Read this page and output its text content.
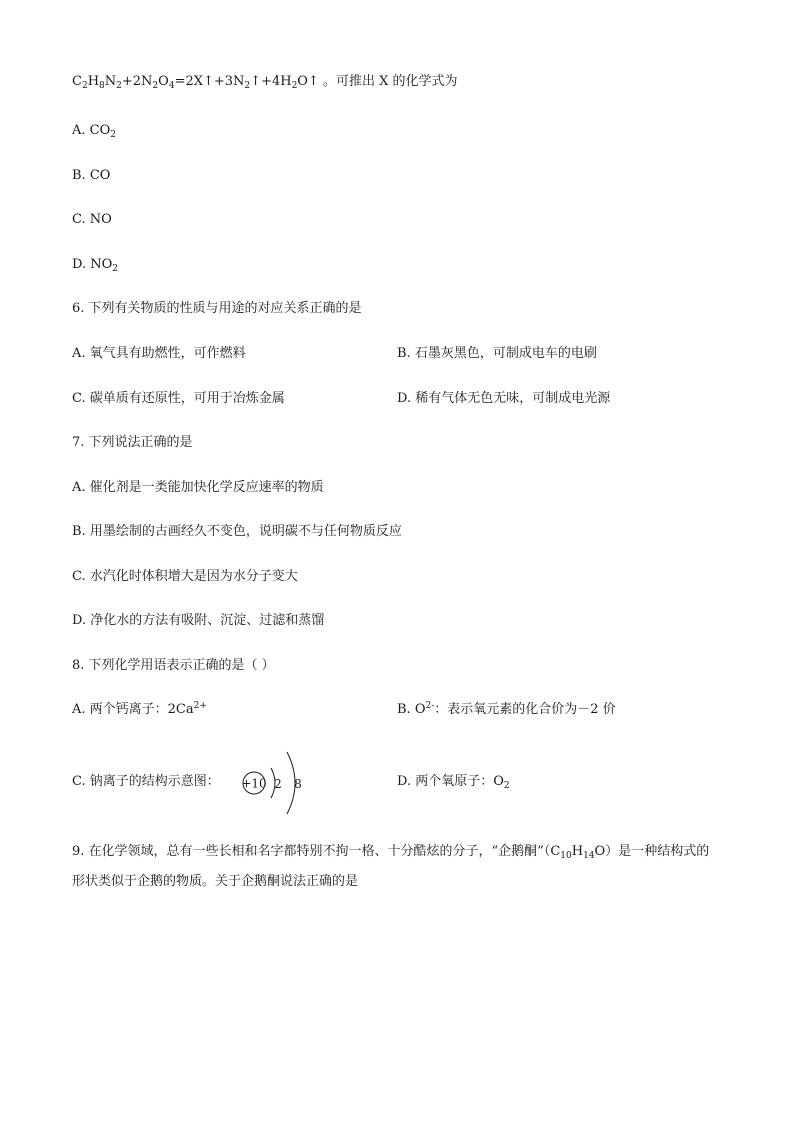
$C_2H_8N_2+2N_2O_4=2X↑+3N_2↑+4H_2O↑$ 。可推出 X 的化学式为
A. $CO_2$
B. CO
C. NO
D. $NO_2$
6. 下列有关物质的性质与用途的对应关系正确的是
A. 氧气具有助燃性，可作燃料	B. 石墨灰黑色，可制成电车的电刷
C. 碳单质有还原性，可用于冶炼金属	D. 稀有气体无色无味，可制成电光源
7. 下列说法正确的是
A. 催化剂是一类能加快化学反应速率的物质
B. 用墨绘制的古画经久不变色，说明碳不与任何物质反应
C. 水汽化时体积增大是因为水分子变大
D. 净化水的方法有吸附、沉淀、过滤和蒸馏
8. 下列化学用语表示正确的是（ ）
A. 两个钙离子：$2Ca^{2+}$	B. $O^{2-}$：表示氧元素的化合价为－2 价
C. 钠离子的结构示意图： +10 2 8	D. 两个氧原子：$O_2$
9. 在化学领域，总有一些长相和名字都特别不拘一格、十分酷炫的分子，“企鹅酮$”(C_{10}H_{14}O)$是一种结构式的形状类似于企鹅的物质。关于企鹅酮说法正确的是
